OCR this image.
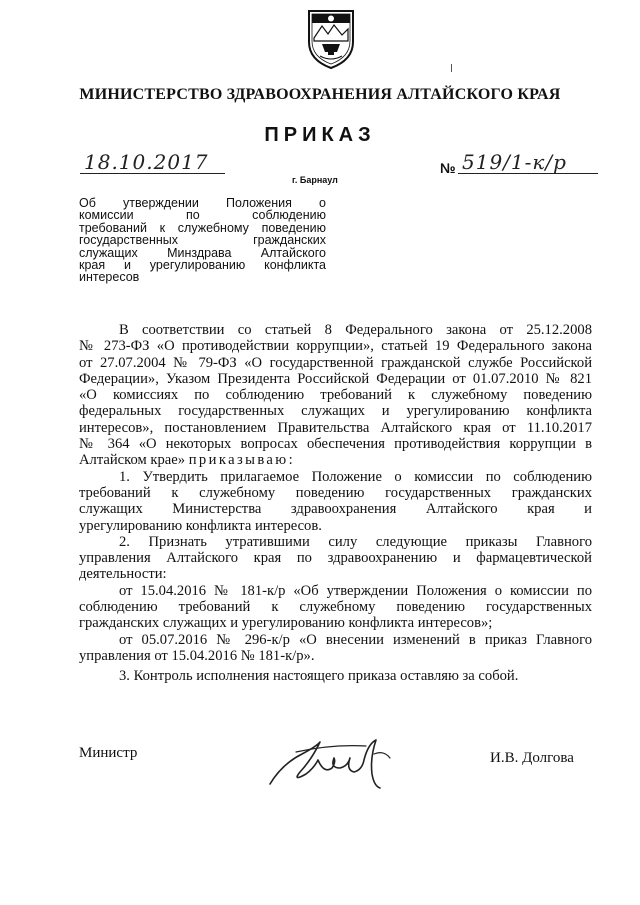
МИНИСТЕРСТВО ЗДРАВООХРАНЕНИЯ АЛТАЙСКОГО КРАЯ
ПРИКАЗ
18.10.2017	№ 519/1-к/р
г. Барнаул
Об утверждении Положения о
комиссии по соблюдению
требований к служебному поведению
государственных гражданских
служащих Минздрава Алтайского
края и урегулированию конфликта
интересов

В соответствии со статьей 8 Федерального закона от 25.12.2008
№ 273-ФЗ «О противодействии коррупции», статьей 19 Федерального закона
от 27.07.2004 № 79-ФЗ «О государственной гражданской службе Российской
Федерации», Указом Президента Российской Федерации от 01.07.2010 № 821
«О комиссиях по соблюдению требований к служебному поведению
федеральных государственных служащих и урегулированию конфликта
интересов», постановлением Правительства Алтайского края от 11.10.2017
№ 364 «О некоторых вопросах обеспечения противодействия коррупции в
Алтайском крае» приказываю:

1. Утвердить прилагаемое Положение о комиссии по соблюдению
требований к служебному поведению государственных гражданских
служащих Министерства здравоохранения Алтайского края и
урегулированию конфликта интересов.

2. Признать утратившими силу следующие приказы Главного
управления Алтайского края по здравоохранению и фармацевтической
деятельности:

от 15.04.2016 № 181-к/р «Об утверждении Положения о комиссии по
соблюдению требований к служебному поведению государственных
гражданских служащих и урегулированию конфликта интересов»;

от 05.07.2016 № 296-к/р «О внесении изменений в приказ Главного
управления от 15.04.2016 № 181-к/р».

3. Контроль исполнения настоящего приказа оставляю за собой.

Министр	И.В. Долгова
